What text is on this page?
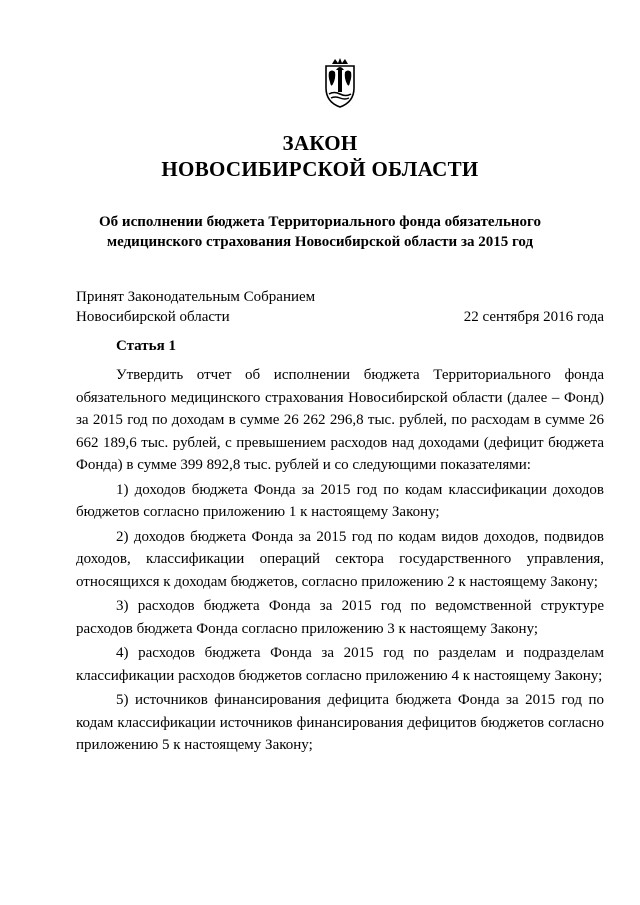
ЗАКОН
НОВОСИБИРСКОЙ ОБЛАСТИ
Об исполнении бюджета Территориального фонда обязательного медицинского страхования Новосибирской области за 2015 год
Принят Законодательным Собранием
Новосибирской области	22 сентября 2016 года
Статья 1

Утвердить отчет об исполнении бюджета Территориального фонда обязательного медицинского страхования Новосибирской области (далее – Фонд) за 2015 год по доходам в сумме 26 262 296,8 тыс. рублей, по расходам в сумме 26 662 189,6 тыс. рублей, с превышением расходов над доходами (дефицит бюджета Фонда) в сумме 399 892,8 тыс. рублей и со следующими показателями:

1) доходов бюджета Фонда за 2015 год по кодам классификации доходов бюджетов согласно приложению 1 к настоящему Закону;

2) доходов бюджета Фонда за 2015 год по кодам видов доходов, подвидов доходов, классификации операций сектора государственного управления, относящихся к доходам бюджетов, согласно приложению 2 к настоящему Закону;

3) расходов бюджета Фонда за 2015 год по ведомственной структуре расходов бюджета Фонда согласно приложению 3 к настоящему Закону;

4) расходов бюджета Фонда за 2015 год по разделам и подразделам классификации расходов бюджетов согласно приложению 4 к настоящему Закону;

5) источников финансирования дефицита бюджета Фонда за 2015 год по кодам классификации источников финансирования дефицитов бюджетов согласно приложению 5 к настоящему Закону;
